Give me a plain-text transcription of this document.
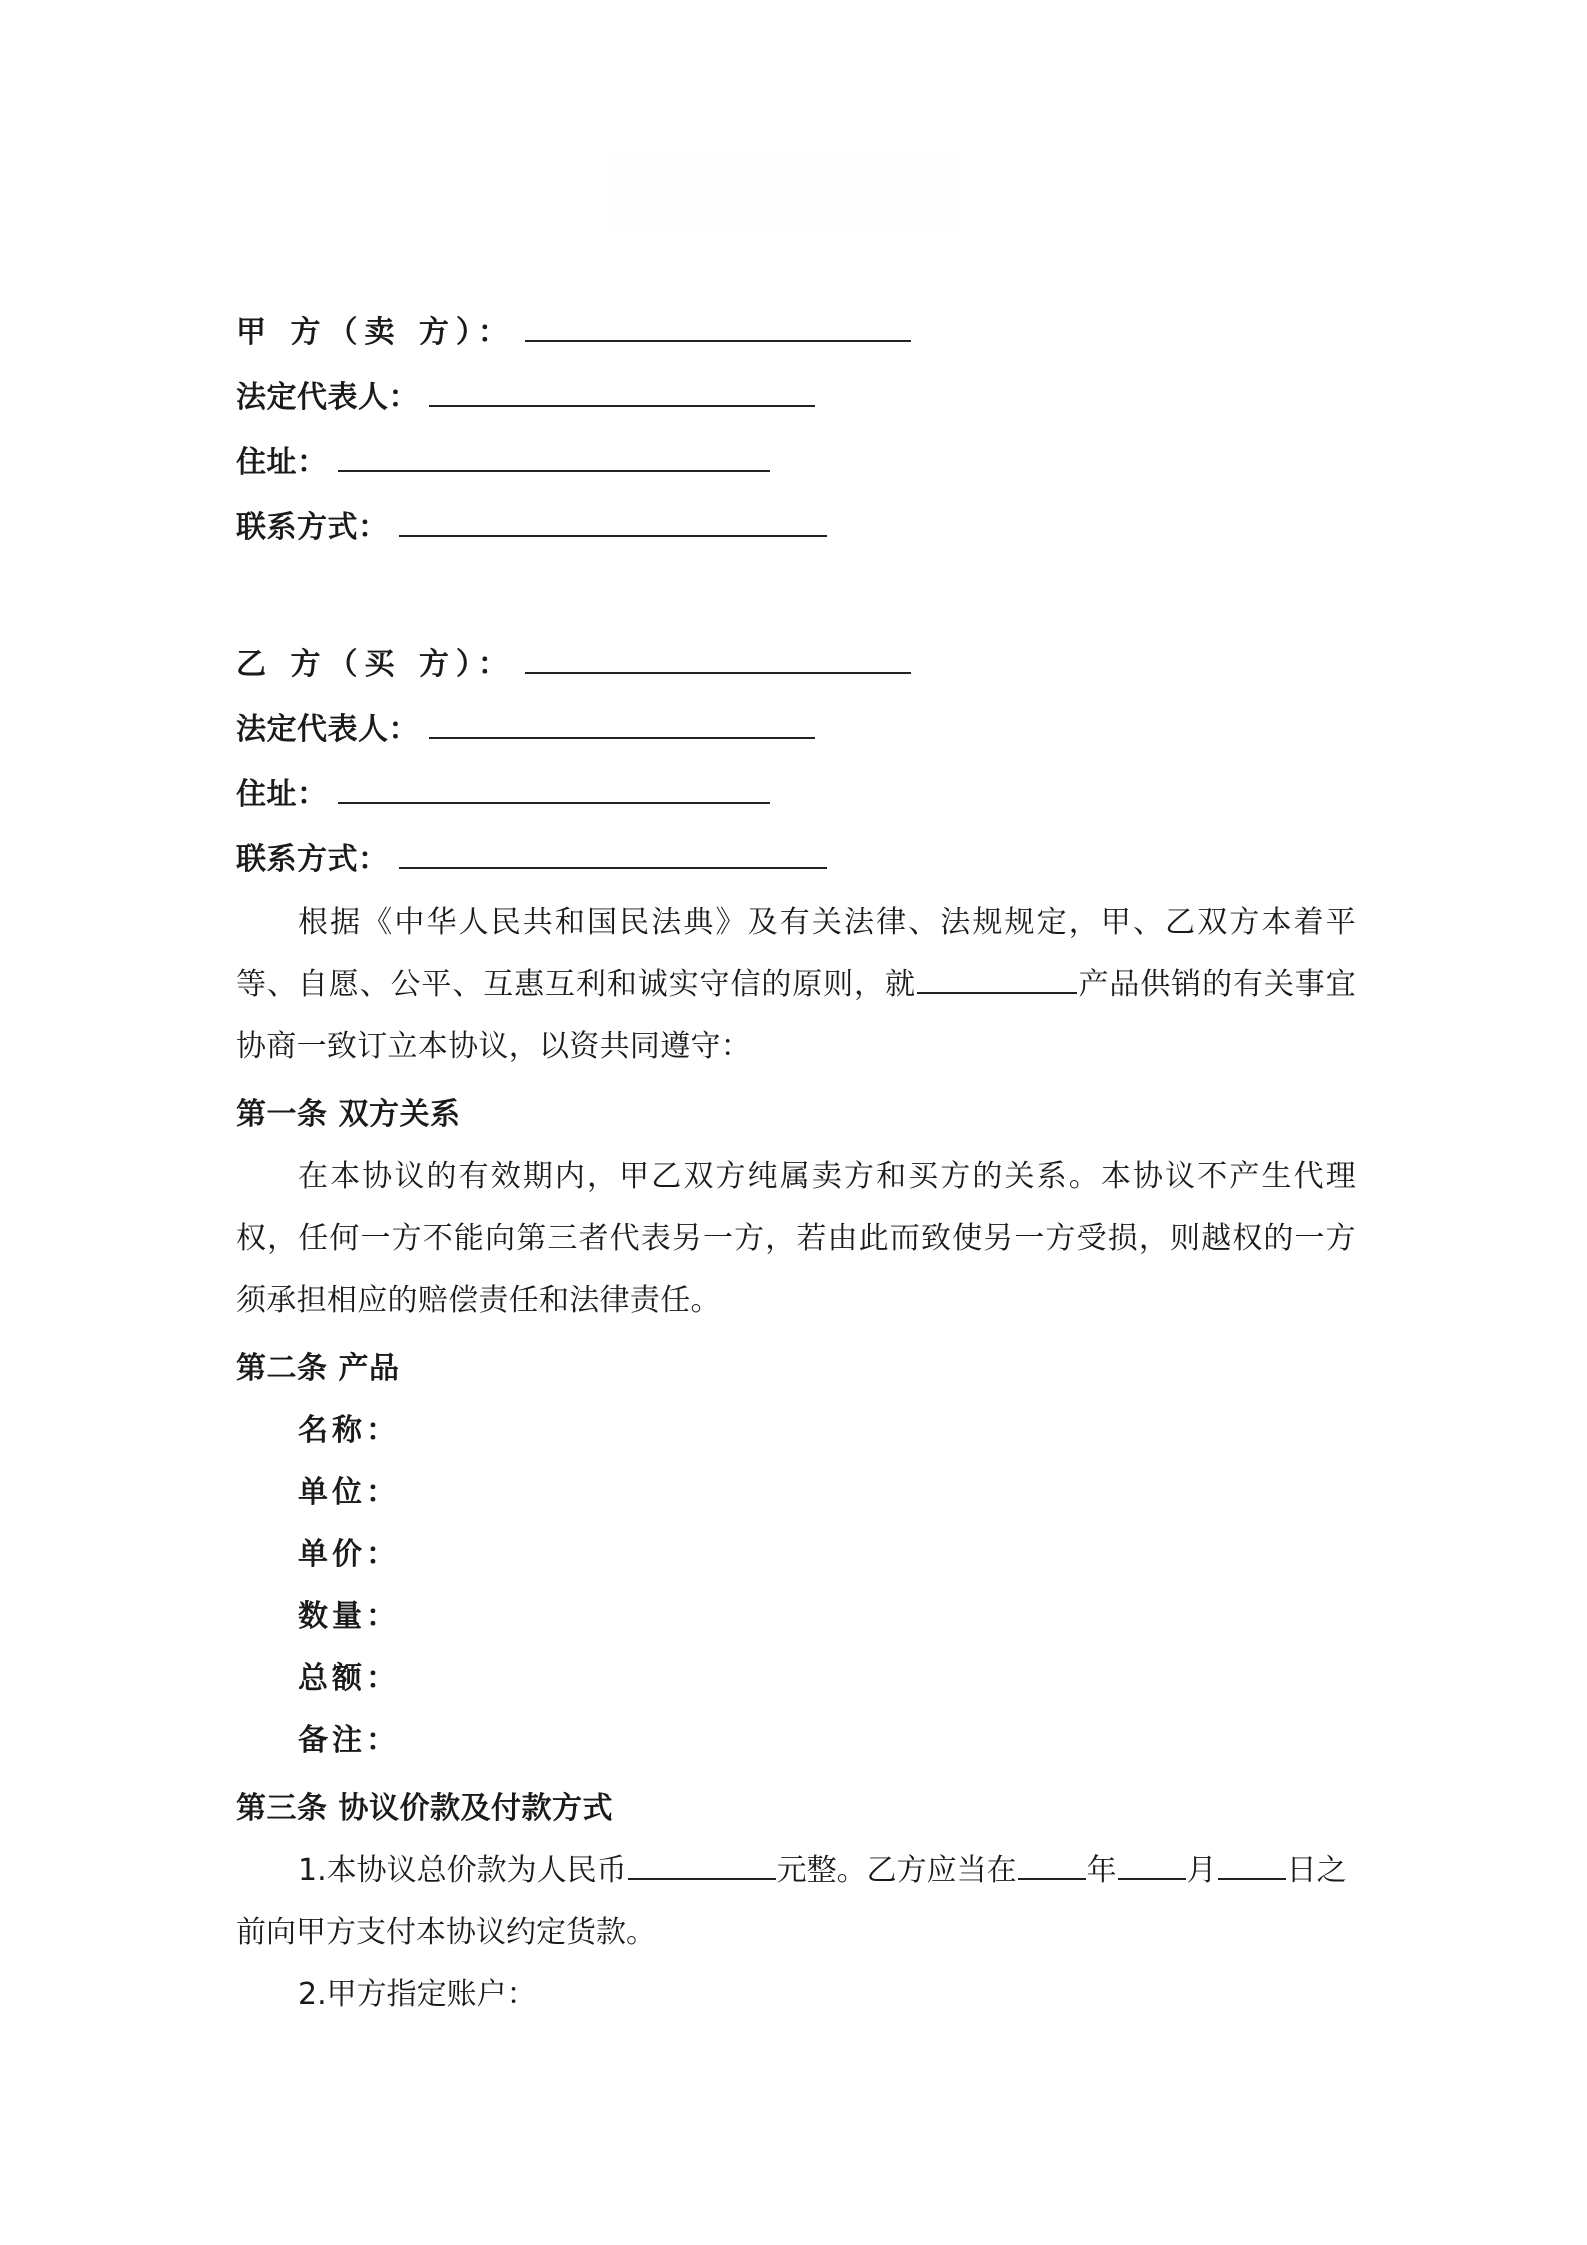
甲 方（卖 方）：
法定代表人：
住址：
联系方式：
乙 方（买 方）：
法定代表人：
住址：
联系方式：

根据《中华人民共和国民法典》及有关法律、法规规定，甲、乙双方本着平等、自愿、公平、互惠互利和诚实守信的原则，就	产品供销的有关事宜协商一致订立本协议，以资共同遵守：

第一条 双方关系

在本协议的有效期内，甲乙双方纯属卖方和买方的关系。本协议不产生代理权，任何一方不能向第三者代表另一方，若由此而致使另一方受损，则越权的一方须承担相应的赔偿责任和法律责任。

第二条 产品
名称：
单位：
单价：
数量：
总额：
备注：
第三条 协议价款及付款方式

1.本协议总价款为人民币	元整。乙方应当在 年 月 日之前向甲方支付本协议约定货款。

2.甲方指定账户：
